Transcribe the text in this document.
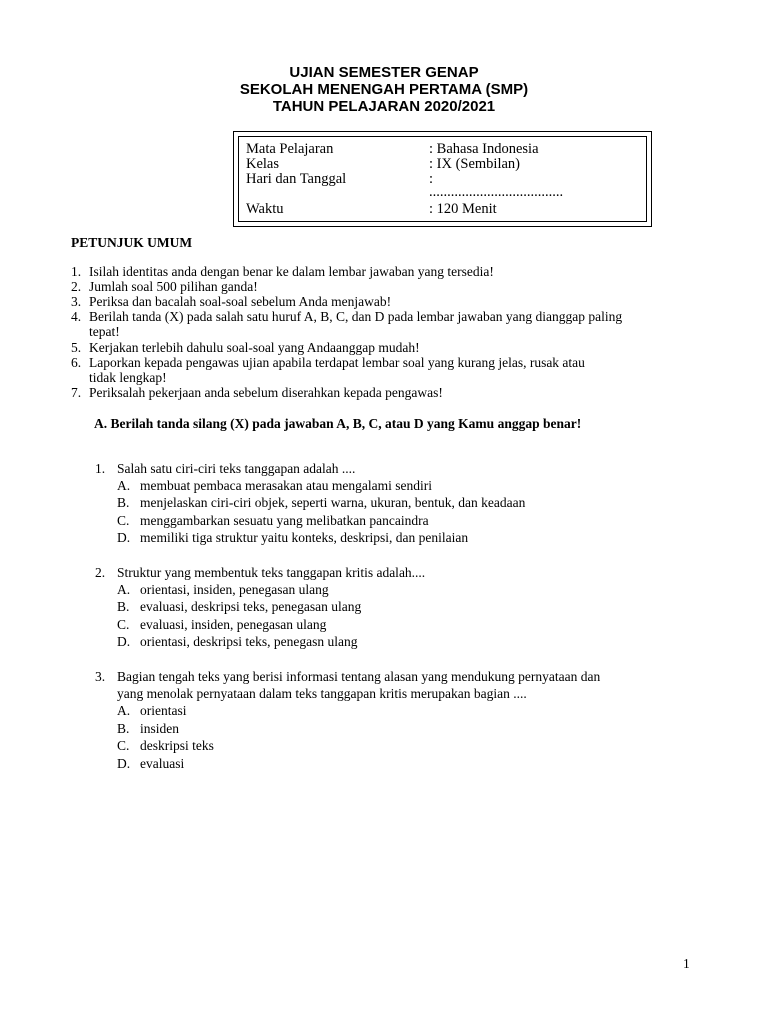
UJIAN SEMESTER GENAP
SEKOLAH MENENGAH PERTAMA (SMP)
TAHUN PELAJARAN 2020/2021
Mata Pelajaran	: Bahasa Indonesia
Kelas	: IX (Sembilan)
Hari dan Tanggal	:
.....................................
Waktu	: 120 Menit
PETUNJUK UMUM
1. Isilah identitas anda dengan benar ke dalam lembar jawaban yang tersedia!
2. Jumlah soal 500 pilihan ganda!
3. Periksa dan bacalah soal-soal sebelum Anda menjawab!
4. Berilah tanda (X) pada salah satu huruf A, B, C, dan D pada lembar jawaban yang dianggap paling
tepat!
5. Kerjakan terlebih dahulu soal-soal yang Andaanggap mudah!
6. Laporkan kepada pengawas ujian apabila terdapat lembar soal yang kurang jelas, rusak atau
tidak lengkap!
7. Periksalah pekerjaan anda sebelum diserahkan kepada pengawas!
A. Berilah tanda silang (X) pada jawaban A, B, C, atau D yang Kamu anggap benar!
1. Salah satu ciri-ciri teks tanggapan adalah ....
A. membuat pembaca merasakan atau mengalami sendiri
B. menjelaskan ciri-ciri objek, seperti warna, ukuran, bentuk, dan keadaan
C. menggambarkan sesuatu yang melibatkan pancaindra
D. memiliki tiga struktur yaitu konteks, deskripsi, dan penilaian
2. Struktur yang membentuk teks tanggapan kritis adalah....
A. orientasi, insiden, penegasan ulang
B. evaluasi, deskripsi teks, penegasan ulang
C. evaluasi, insiden, penegasan ulang
D. orientasi, deskripsi teks, penegasn ulang
3. Bagian tengah teks yang berisi informasi tentang alasan yang mendukung pernyataan dan
yang menolak pernyataan dalam teks tanggapan kritis merupakan bagian ....
A. orientasi
B. insiden
C. deskripsi teks
D. evaluasi
1
